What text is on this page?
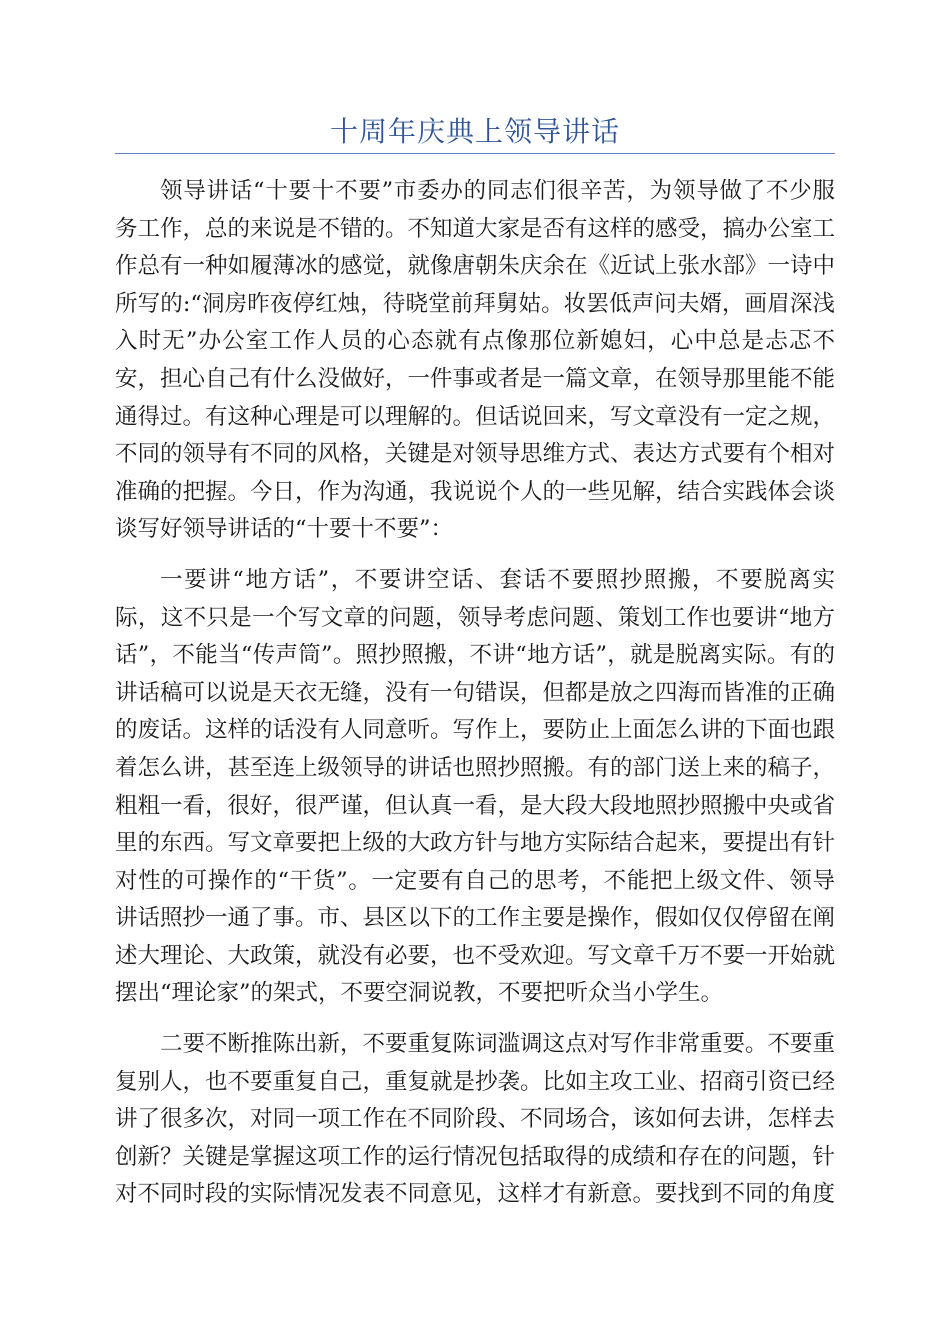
十周年庆典上领导讲话

领导讲话“十要十不要”市委办的同志们很辛苦，为领导做了不少服务工作，总的来说是不错的。不知道大家是否有这样的感受，搞办公室工作总有一种如履薄冰的感觉，就像唐朝朱庆余在《近试上张水部》一诗中所写的:“洞房昨夜停红烛，待晓堂前拜舅姑。妆罢低声问夫婿，画眉深浅入时无”办公室工作人员的心态就有点像那位新媳妇，心中总是忐忑不安，担心自己有什么没做好，一件事或者是一篇文章，在领导那里能不能通得过。有这种心理是可以理解的。但话说回来，写文章没有一定之规，不同的领导有不同的风格，关键是对领导思维方式、表达方式要有个相对准确的把握。今日，作为沟通，我说说个人的一些见解，结合实践体会谈谈写好领导讲话的“十要十不要”：

一要讲“地方话”，不要讲空话、套话不要照抄照搬，不要脱离实际，这不只是一个写文章的问题，领导考虑问题、策划工作也要讲“地方话”，不能当“传声筒”。照抄照搬，不讲“地方话”，就是脱离实际。有的讲话稿可以说是天衣无缝，没有一句错误，但都是放之四海而皆准的正确的废话。这样的话没有人同意听。写作上，要防止上面怎么讲的下面也跟着怎么讲，甚至连上级领导的讲话也照抄照搬。有的部门送上来的稿子，粗粗一看，很好，很严谨，但认真一看，是大段大段地照抄照搬中央或省里的东西。写文章要把上级的大政方针与地方实际结合起来，要提出有针对性的可操作的“干货”。一定要有自己的思考，不能把上级文件、领导讲话照抄一通了事。市、县区以下的工作主要是操作，假如仅仅停留在阐述大理论、大政策，就没有必要，也不受欢迎。写文章千万不要一开始就摆出“理论家”的架式，不要空洞说教，不要把听众当小学生。

二要不断推陈出新，不要重复陈词滥调这点对写作非常重要。不要重复别人，也不要重复自己，重复就是抄袭。比如主攻工业、招商引资已经讲了很多次，对同一项工作在不同阶段、不同场合，该如何去讲，怎样去创新？关键是掌握这项工作的运行情况包括取得的成绩和存在的问题，针对不同时段的实际情况发表不同意见，这样才有新意。要找到不同的角度
